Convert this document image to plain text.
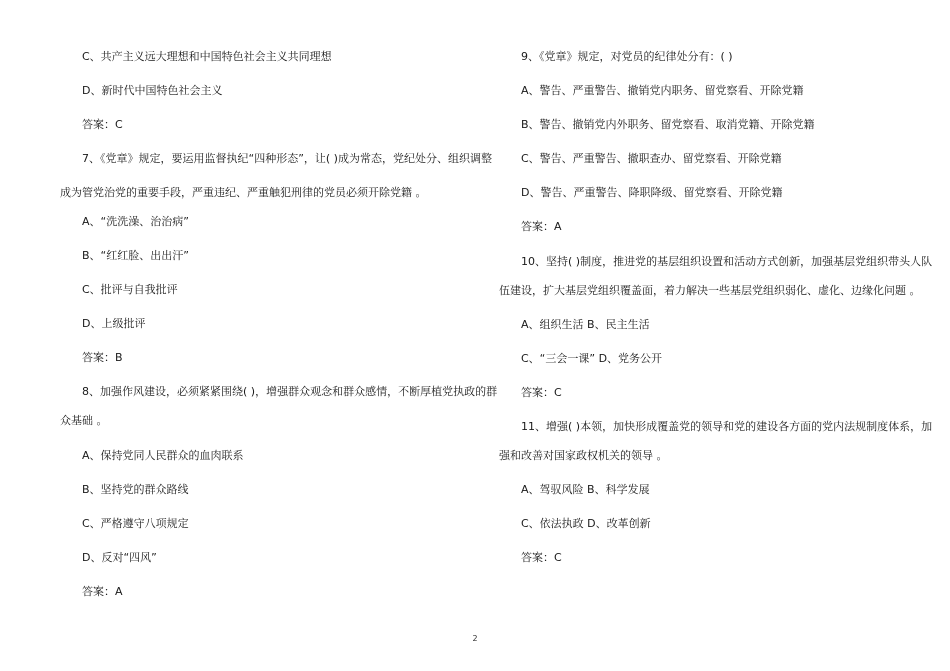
C、共产主义远大理想和中国特色社会主义共同理想
D、新时代中国特色社会主义
答案：C
7、《党章》规定，要运用监督执纪“四种形态”，让( )成为常态，党纪处分、组织调整
成为管党治党的重要手段，严重违纪、严重触犯刑律的党员必须开除党籍 。
A、“洗洗澡、治治病”
B、“红红脸、出出汗”
C、批评与自我批评
D、上级批评
答案：B
8、加强作风建设，必须紧紧围绕( )，增强群众观念和群众感情，不断厚植党执政的群
众基础 。
A、保持党同人民群众的血肉联系
B、坚持党的群众路线
C、严格遵守八项规定
D、反对“四风”
答案：A
9、《党章》规定，对党员的纪律处分有：( )
A、警告、严重警告、撤销党内职务、留党察看、开除党籍
B、警告、撤销党内外职务、留党察看、取消党籍、开除党籍
C、警告、严重警告、撤职查办、留党察看、开除党籍
D、警告、严重警告、降职降级、留党察看、开除党籍
答案：A
10、坚持( )制度，推进党的基层组织设置和活动方式创新，加强基层党组织带头人队
伍建设，扩大基层党组织覆盖面，着力解决一些基层党组织弱化、虚化、边缘化问题 。
A、组织生活 B、民主生活
C、“三会一课” D、党务公开
答案：C
11、增强( )本领，加快形成覆盖党的领导和党的建设各方面的党内法规制度体系，加
强和改善对国家政权机关的领导 。
A、驾驭风险 B、科学发展
C、依法执政 D、改革创新
答案：C
2
